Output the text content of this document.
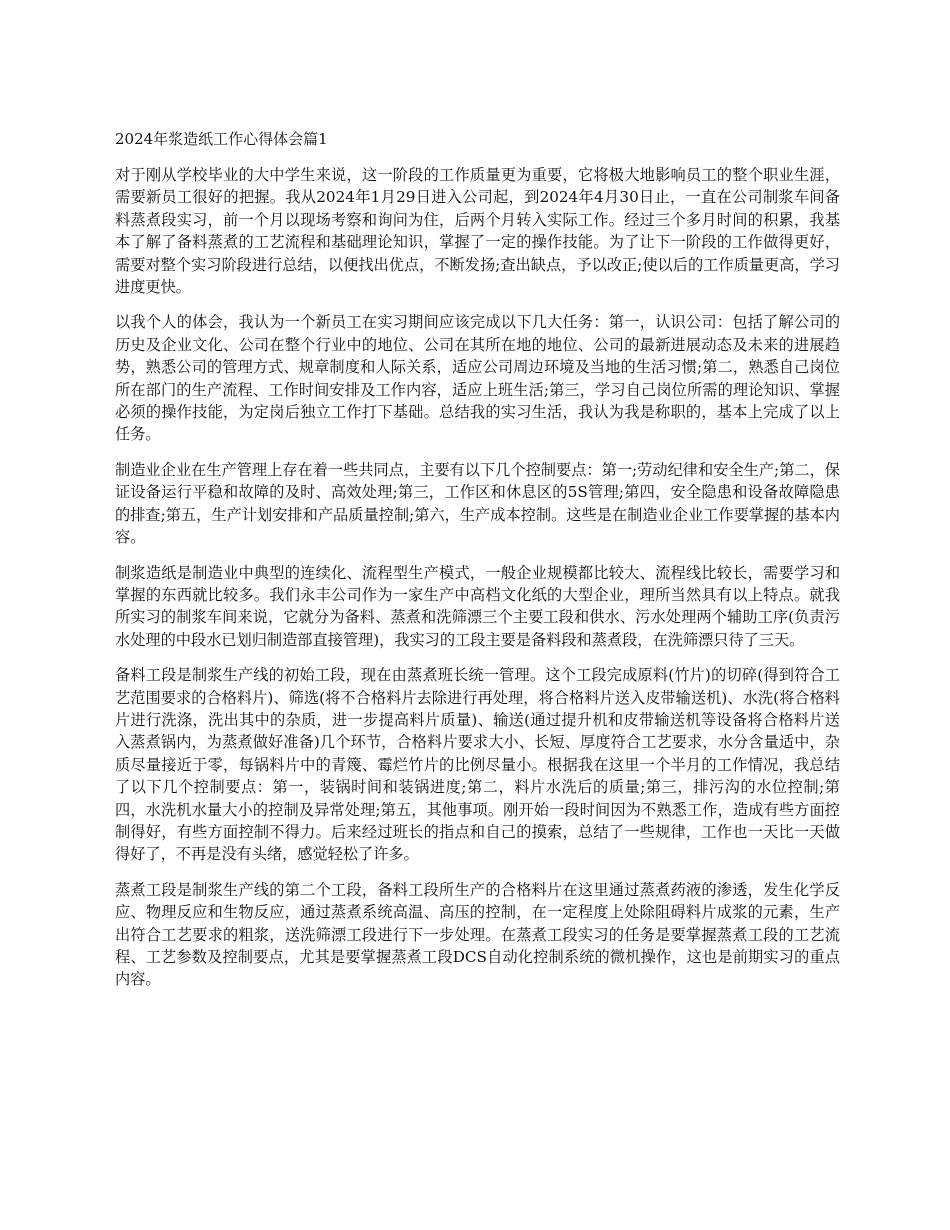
2024年浆造纸工作心得体会篇1

对于刚从学校毕业的大中学生来说，这一阶段的工作质量更为重要，它将极大地影响员工的整个职业生涯，需要新员工很好的把握。我从2024年1月29日进入公司起，到2024年4月30日止，一直在公司制浆车间备料蒸煮段实习，前一个月以现场考察和询问为住，后两个月转入实际工作。经过三个多月时间的积累，我基本了解了备料蒸煮的工艺流程和基础理论知识，掌握了一定的操作技能。为了让下一阶段的工作做得更好，需要对整个实习阶段进行总结，以便找出优点，不断发扬;查出缺点，予以改正;使以后的工作质量更高，学习进度更快。

以我个人的体会，我认为一个新员工在实习期间应该完成以下几大任务：第一，认识公司：包括了解公司的历史及企业文化、公司在整个行业中的地位、公司在其所在地的地位、公司的最新进展动态及未来的进展趋势，熟悉公司的管理方式、规章制度和人际关系，适应公司周边环境及当地的生活习惯;第二，熟悉自己岗位所在部门的生产流程、工作时间安排及工作内容，适应上班生活;第三，学习自己岗位所需的理论知识、掌握必须的操作技能，为定岗后独立工作打下基础。总结我的实习生活，我认为我是称职的，基本上完成了以上任务。

制造业企业在生产管理上存在着一些共同点，主要有以下几个控制要点：第一;劳动纪律和安全生产;第二，保证设备运行平稳和故障的及时、高效处理;第三，工作区和休息区的5S管理;第四，安全隐患和设备故障隐患的排查;第五，生产计划安排和产品质量控制;第六，生产成本控制。这些是在制造业企业工作要掌握的基本内容。

制浆造纸是制造业中典型的连续化、流程型生产模式，一般企业规模都比较大、流程线比较长，需要学习和掌握的东西就比较多。我们永丰公司作为一家生产中高档文化纸的大型企业，理所当然具有以上特点。就我所实习的制浆车间来说，它就分为备料、蒸煮和洗筛漂三个主要工段和供水、污水处理两个辅助工序(负责污水处理的中段水已划归制造部直接管理)，我实习的工段主要是备料段和蒸煮段，在洗筛漂只待了三天。

备料工段是制浆生产线的初始工段，现在由蒸煮班长统一管理。这个工段完成原料(竹片)的切碎(得到符合工艺范围要求的合格料片)、筛选(将不合格料片去除进行再处理，将合格料片送入皮带输送机)、水洗(将合格料片进行洗涤，洗出其中的杂质，进一步提高料片质量)、输送(通过提升机和皮带输送机等设备将合格料片送入蒸煮锅内，为蒸煮做好准备)几个环节，合格料片要求大小、长短、厚度符合工艺要求，水分含量适中，杂质尽量接近于零，每锅料片中的青篾、霉烂竹片的比例尽量小。根据我在这里一个半月的工作情况，我总结了以下几个控制要点：第一，装锅时间和装锅进度;第二，料片水洗后的质量;第三，排污沟的水位控制;第四，水洗机水量大小的控制及异常处理;第五，其他事项。刚开始一段时间因为不熟悉工作，造成有些方面控制得好，有些方面控制不得力。后来经过班长的指点和自己的摸索，总结了一些规律，工作也一天比一天做得好了，不再是没有头绪，感觉轻松了许多。

蒸煮工段是制浆生产线的第二个工段，备料工段所生产的合格料片在这里通过蒸煮药液的渗透，发生化学反应、物理反应和生物反应，通过蒸煮系统高温、高压的控制，在一定程度上处除阻碍料片成浆的元素，生产出符合工艺要求的粗浆，送洗筛漂工段进行下一步处理。在蒸煮工段实习的任务是要掌握蒸煮工段的工艺流程、工艺参数及控制要点，尤其是要掌握蒸煮工段DCS自动化控制系统的微机操作，这也是前期实习的重点内容。
